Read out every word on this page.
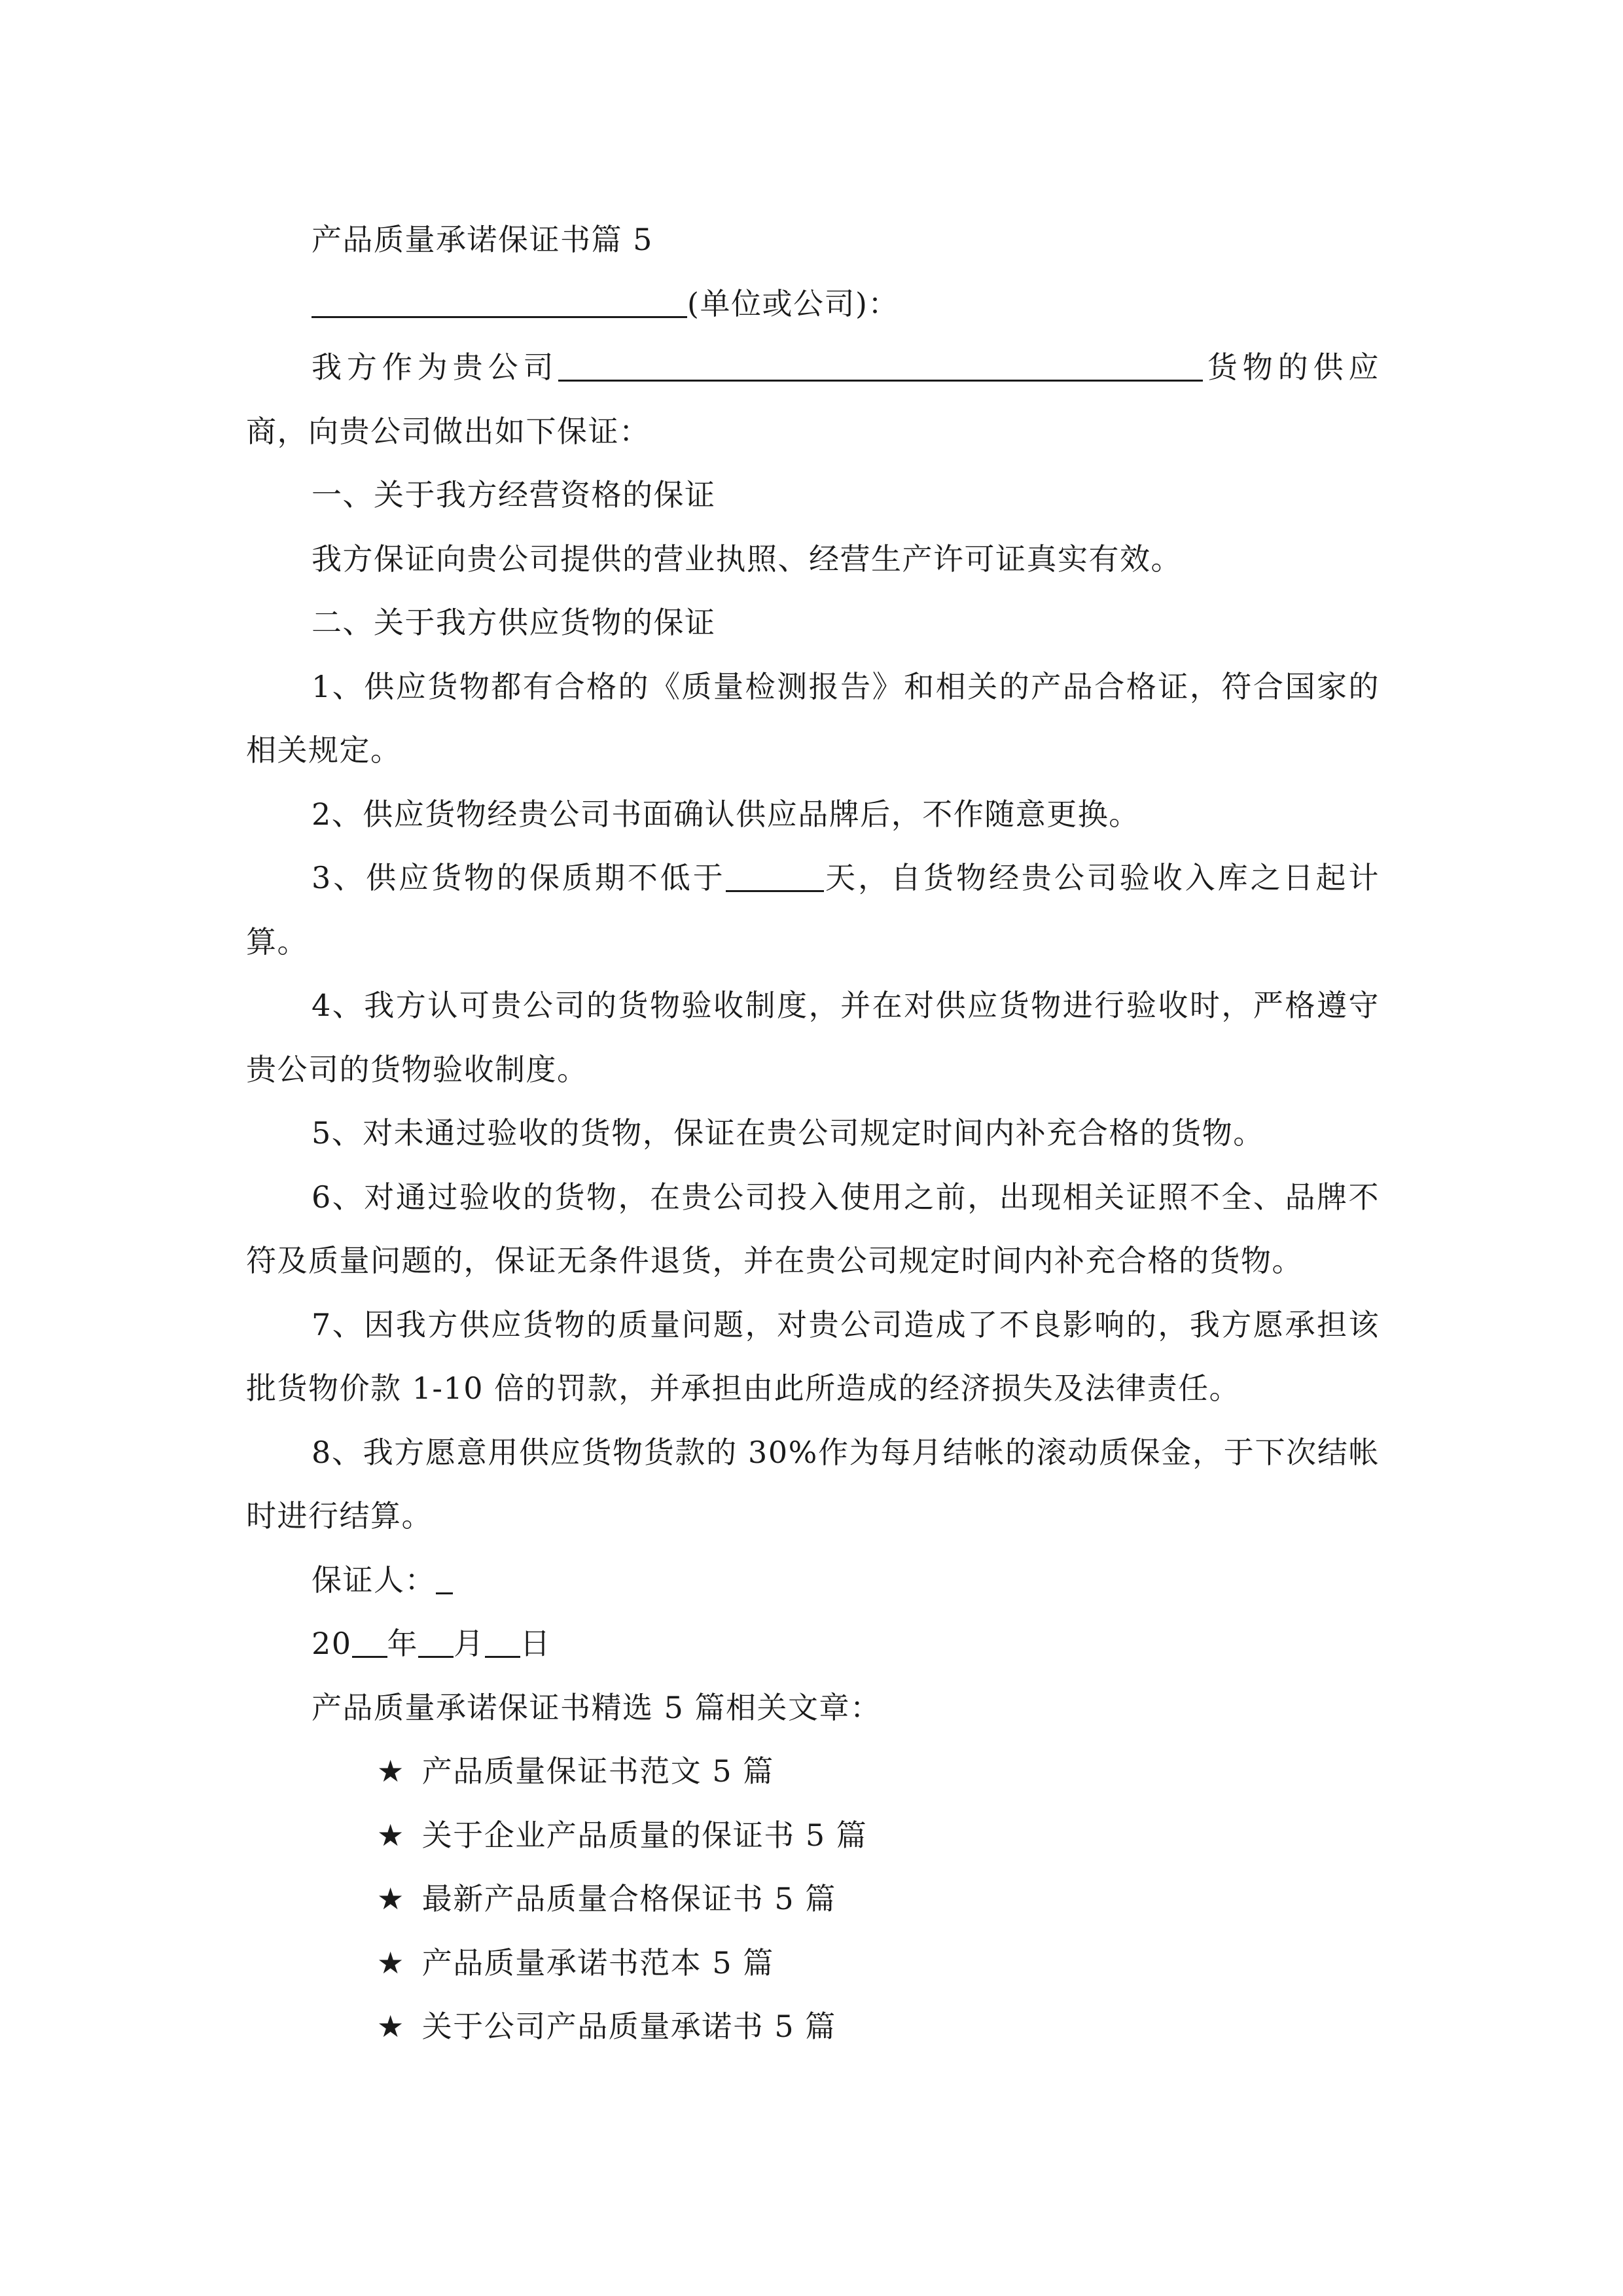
产品质量承诺保证书篇 5

(单位或公司)：

我方作为贵公司	货物的供应商，向贵公司做出如下保证：

一、关于我方经营资格的保证

我方保证向贵公司提供的营业执照、经营生产许可证真实有效。

二、关于我方供应货物的保证

1、供应货物都有合格的《质量检测报告》和相关的产品合格证，符合国家的相关规定。

2、供应货物经贵公司书面确认供应品牌后，不作随意更换。

3、供应货物的保质期不低于	天，自货物经贵公司验收入库之日起计算。

4、我方认可贵公司的货物验收制度，并在对供应货物进行验收时，严格遵守贵公司的货物验收制度。

5、对未通过验收的货物，保证在贵公司规定时间内补充合格的货物。

6、对通过验收的货物，在贵公司投入使用之前，出现相关证照不全、品牌不符及质量问题的，保证无条件退货，并在贵公司规定时间内补充合格的货物。

7、因我方供应货物的质量问题，对贵公司造成了不良影响的，我方愿承担该批货物价款 1-10 倍的罚款，并承担由此所造成的经济损失及法律责任。

8、我方愿意用供应货物货款的 30%作为每月结帐的滚动质保金，于下次结帐时进行结算。

保证人：

20 年 月 日

产品质量承诺保证书精选 5 篇相关文章：

★ 产品质量保证书范文 5 篇

★ 关于企业产品质量的保证书 5 篇

★ 最新产品质量合格保证书 5 篇

★ 产品质量承诺书范本 5 篇

★ 关于公司产品质量承诺书 5 篇
